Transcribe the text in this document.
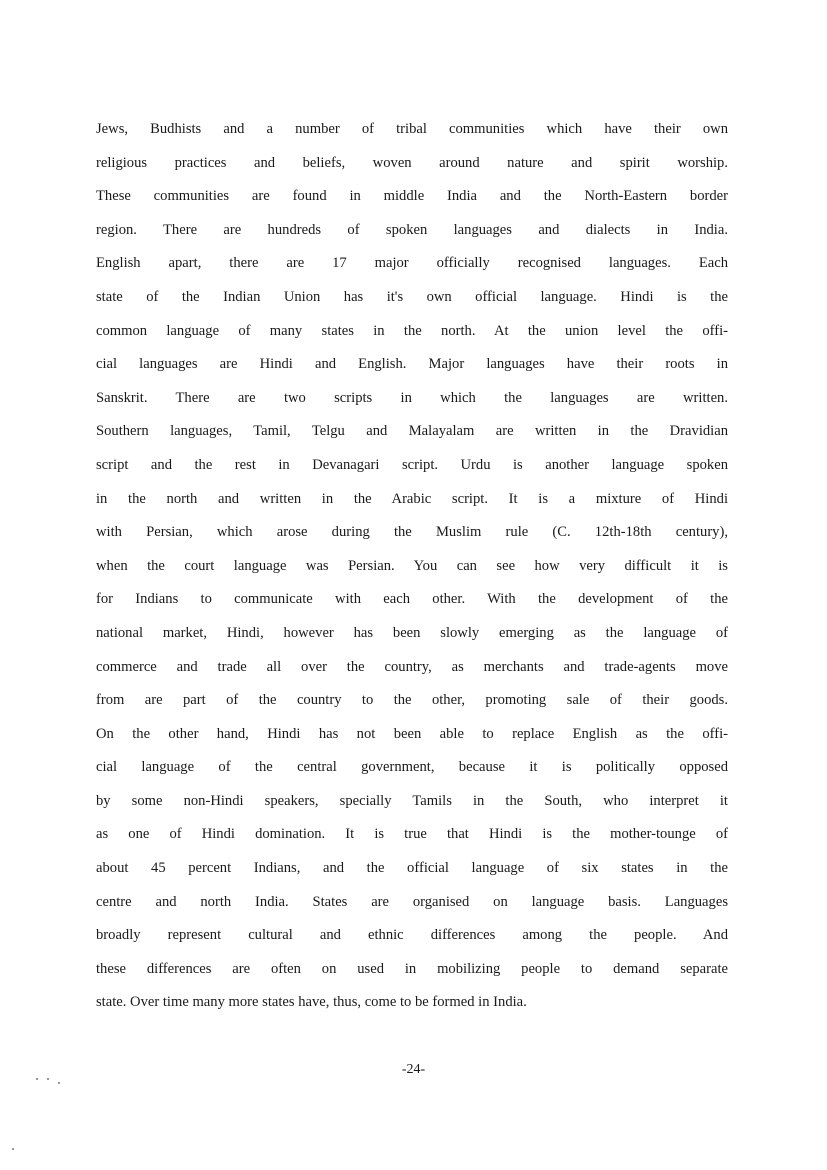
Jews, Budhists and a number of tribal communities which have their own
religious practices and beliefs, woven around nature and spirit worship.
These communities are found in middle India and the North-Eastern border
region. There are hundreds of spoken languages and dialects in India.
English apart, there are 17 major officially recognised languages. Each
state of the Indian Union has it's own official language. Hindi is the
common language of many states in the north. At the union level the offi-
cial languages are Hindi and English. Major languages have their roots in
Sanskrit. There are two scripts in which the languages are written.
Southern languages, Tamil, Telgu and Malayalam are written in the Dravidian
script and the rest in Devanagari script. Urdu is another language spoken
in the north and written in the Arabic script. It is a mixture of Hindi
with Persian, which arose during the Muslim rule (C. 12th-18th century),
when the court language was Persian. You can see how very difficult it is
for Indians to communicate with each other. With the development of the
national market, Hindi, however has been slowly emerging as the language of
commerce and trade all over the country, as merchants and trade-agents move
from are part of the country to the other, promoting sale of their goods.
On the other hand, Hindi has not been able to replace English as the offi-
cial language of the central government, because it is politically opposed
by some non-Hindi speakers, specially Tamils in the South, who interpret it
as one of Hindi domination. It is true that Hindi is the mother-tounge of
about 45 percent Indians, and the official language of six states in the
centre and north India. States are organised on language basis. Languages
broadly represent cultural and ethnic differences among the people. And
these differences are often on used in mobilizing people to demand separate
state. Over time many more states have, thus, come to be formed in India.
-24-
